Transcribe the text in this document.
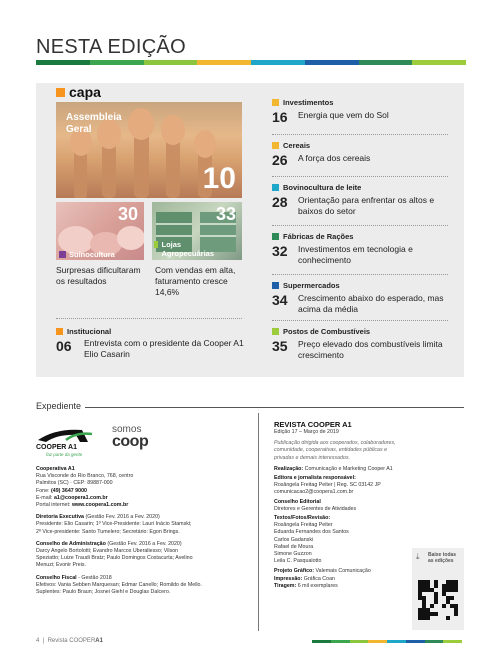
NESTA EDIÇÃO
capa
Assembleia Geral
10
30
Suinocultura
33
Lojas Agropecuárias
Surpresas dificultaram os resultados
Com vendas em alta, faturamento cresce 14,6%
Institucional
06 Entrevista com o presidente da Cooper A1 Elio Casarin
Investimentos
16 Energia que vem do Sol
Cereais
26 A força dos cereais
Bovinocultura de leite
28 Orientação para enfrentar os altos e baixos do setor
Fábricas de Rações
32 Investimentos em tecnologia e conhecimento
Supermercados
34 Crescimento abaixo do esperado, mas acima da média
Postos de Combustíveis
35 Preço elevado dos combustíveis limita crescimento
Expediente
COOPER A1
faz parte da gente
somos
coop
Cooperativa A1
Rua Visconde do Rio Branco, 768, centro
Palmitos (SC) · CEP: 89887-000
Fone: (49) 3647 9000
E-mail: a1@coopera1.com.br
Portal internet: www.coopera1.com.br
Diretoria Executiva (Gestão Fev. 2016 a Fev. 2020)
Presidente: Elio Casarin; 1º Vice-Presidente: Lauri Inácio Stamski;
2º Vice-presidente: Santo Tumelero; Secretário: Egon Brings.
Conselho de Administração (Gestão Fev. 2016 a Fev. 2020)
Darcy Angelo Bortolotti; Evandro Marcos Uberaliesso; Vilson
Speziatto; Luize Traudi Bratz; Paulo Domingos Costacurta; Avelino
Menuzi; Evonir Preis.
Conselho Fiscal - Gestão 2018
Efetivos: Vania Sebben Marquesan; Edmar Canello; Romildo de Mello.
Suplentes: Paulo Braun; Josnei Giehl e Douglas Dalcero.
REVISTA COOPER A1
Edição 17 – Março de 2019
Publicação dirigida aos cooperados, colaboradores,
comunidade, cooperativas, entidades públicas e
privadas e demais interessados.
Realização: Comunicação e Marketing Cooper A1
Editora e jornalista responsável:
Rosângela Freitag Peiter | Reg. SC 03142 JP
comunicacao2@coopera1.com.br
Conselho Editorial
Diretores e Gerentes de Atividades
Textos/Fotos/Revisão:
Rosângela Freitag Peiter
Eduarda Fernandes dos Santos
Carlos Gadanski
Rafael de Moura
Simone Guzzon
Leila C. Pasqualotto
Projeto Gráfico: Valemais Comunicação
Impressão: Gráfica Coan
Tiragem: 6 mil exemplares
⤓ Baixe todas as edições
4 | Revista COOPERA1
